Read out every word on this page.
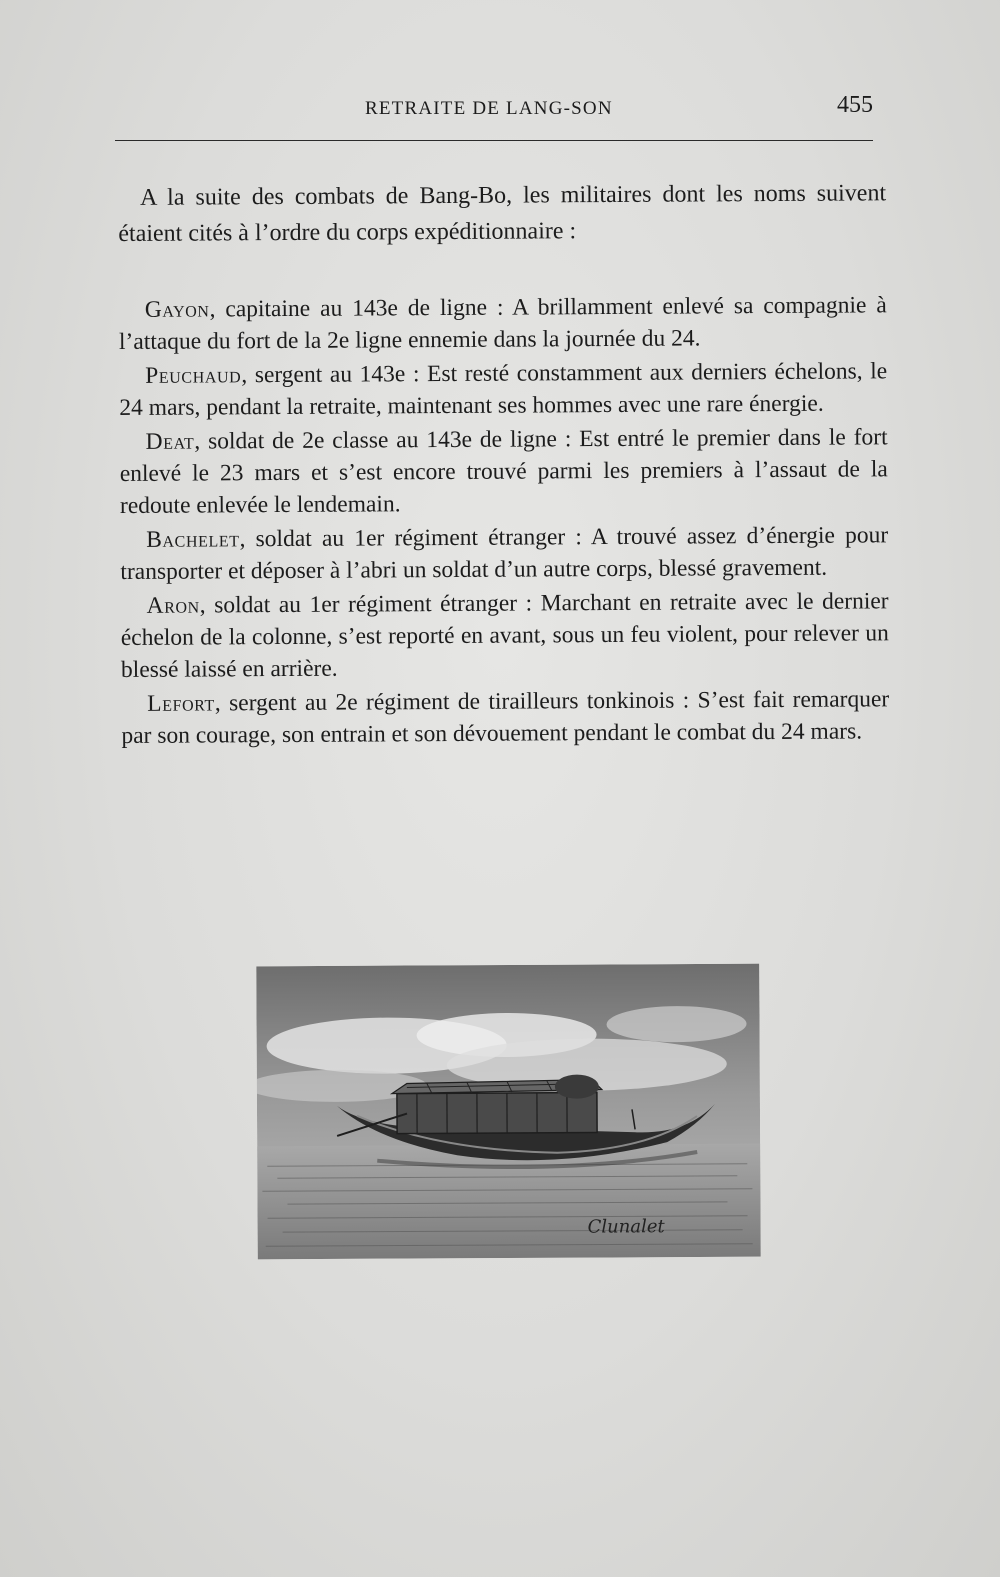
RETRAITE DE LANG-SON	455

A la suite des combats de Bang-Bo, les militaires dont les noms suivent étaient cités à l’ordre du corps expéditionnaire :

Gayon, capitaine au 143e de ligne : A brillamment enlevé sa compagnie à l’attaque du fort de la 2e ligne ennemie dans la journée du 24.

Peuchaud, sergent au 143e : Est resté constamment aux derniers échelons, le 24 mars, pendant la retraite, maintenant ses hommes avec une rare énergie.

Deat, soldat de 2e classe au 143e de ligne : Est entré le premier dans le fort enlevé le 23 mars et s’est encore trouvé parmi les premiers à l’assaut de la redoute enlevée le lendemain.

Bachelet, soldat au 1er régiment étranger : A trouvé assez d’énergie pour transporter et déposer à l’abri un soldat d’un autre corps, blessé gravement.

Aron, soldat au 1er régiment étranger : Marchant en retraite avec le dernier échelon de la colonne, s’est reporté en avant, sous un feu violent, pour relever un blessé laissé en arrière.

Lefort, sergent au 2e régiment de tirailleurs tonkinois : S’est fait remarquer par son courage, son entrain et son dévouement pendant le combat du 24 mars.

Clunalet
